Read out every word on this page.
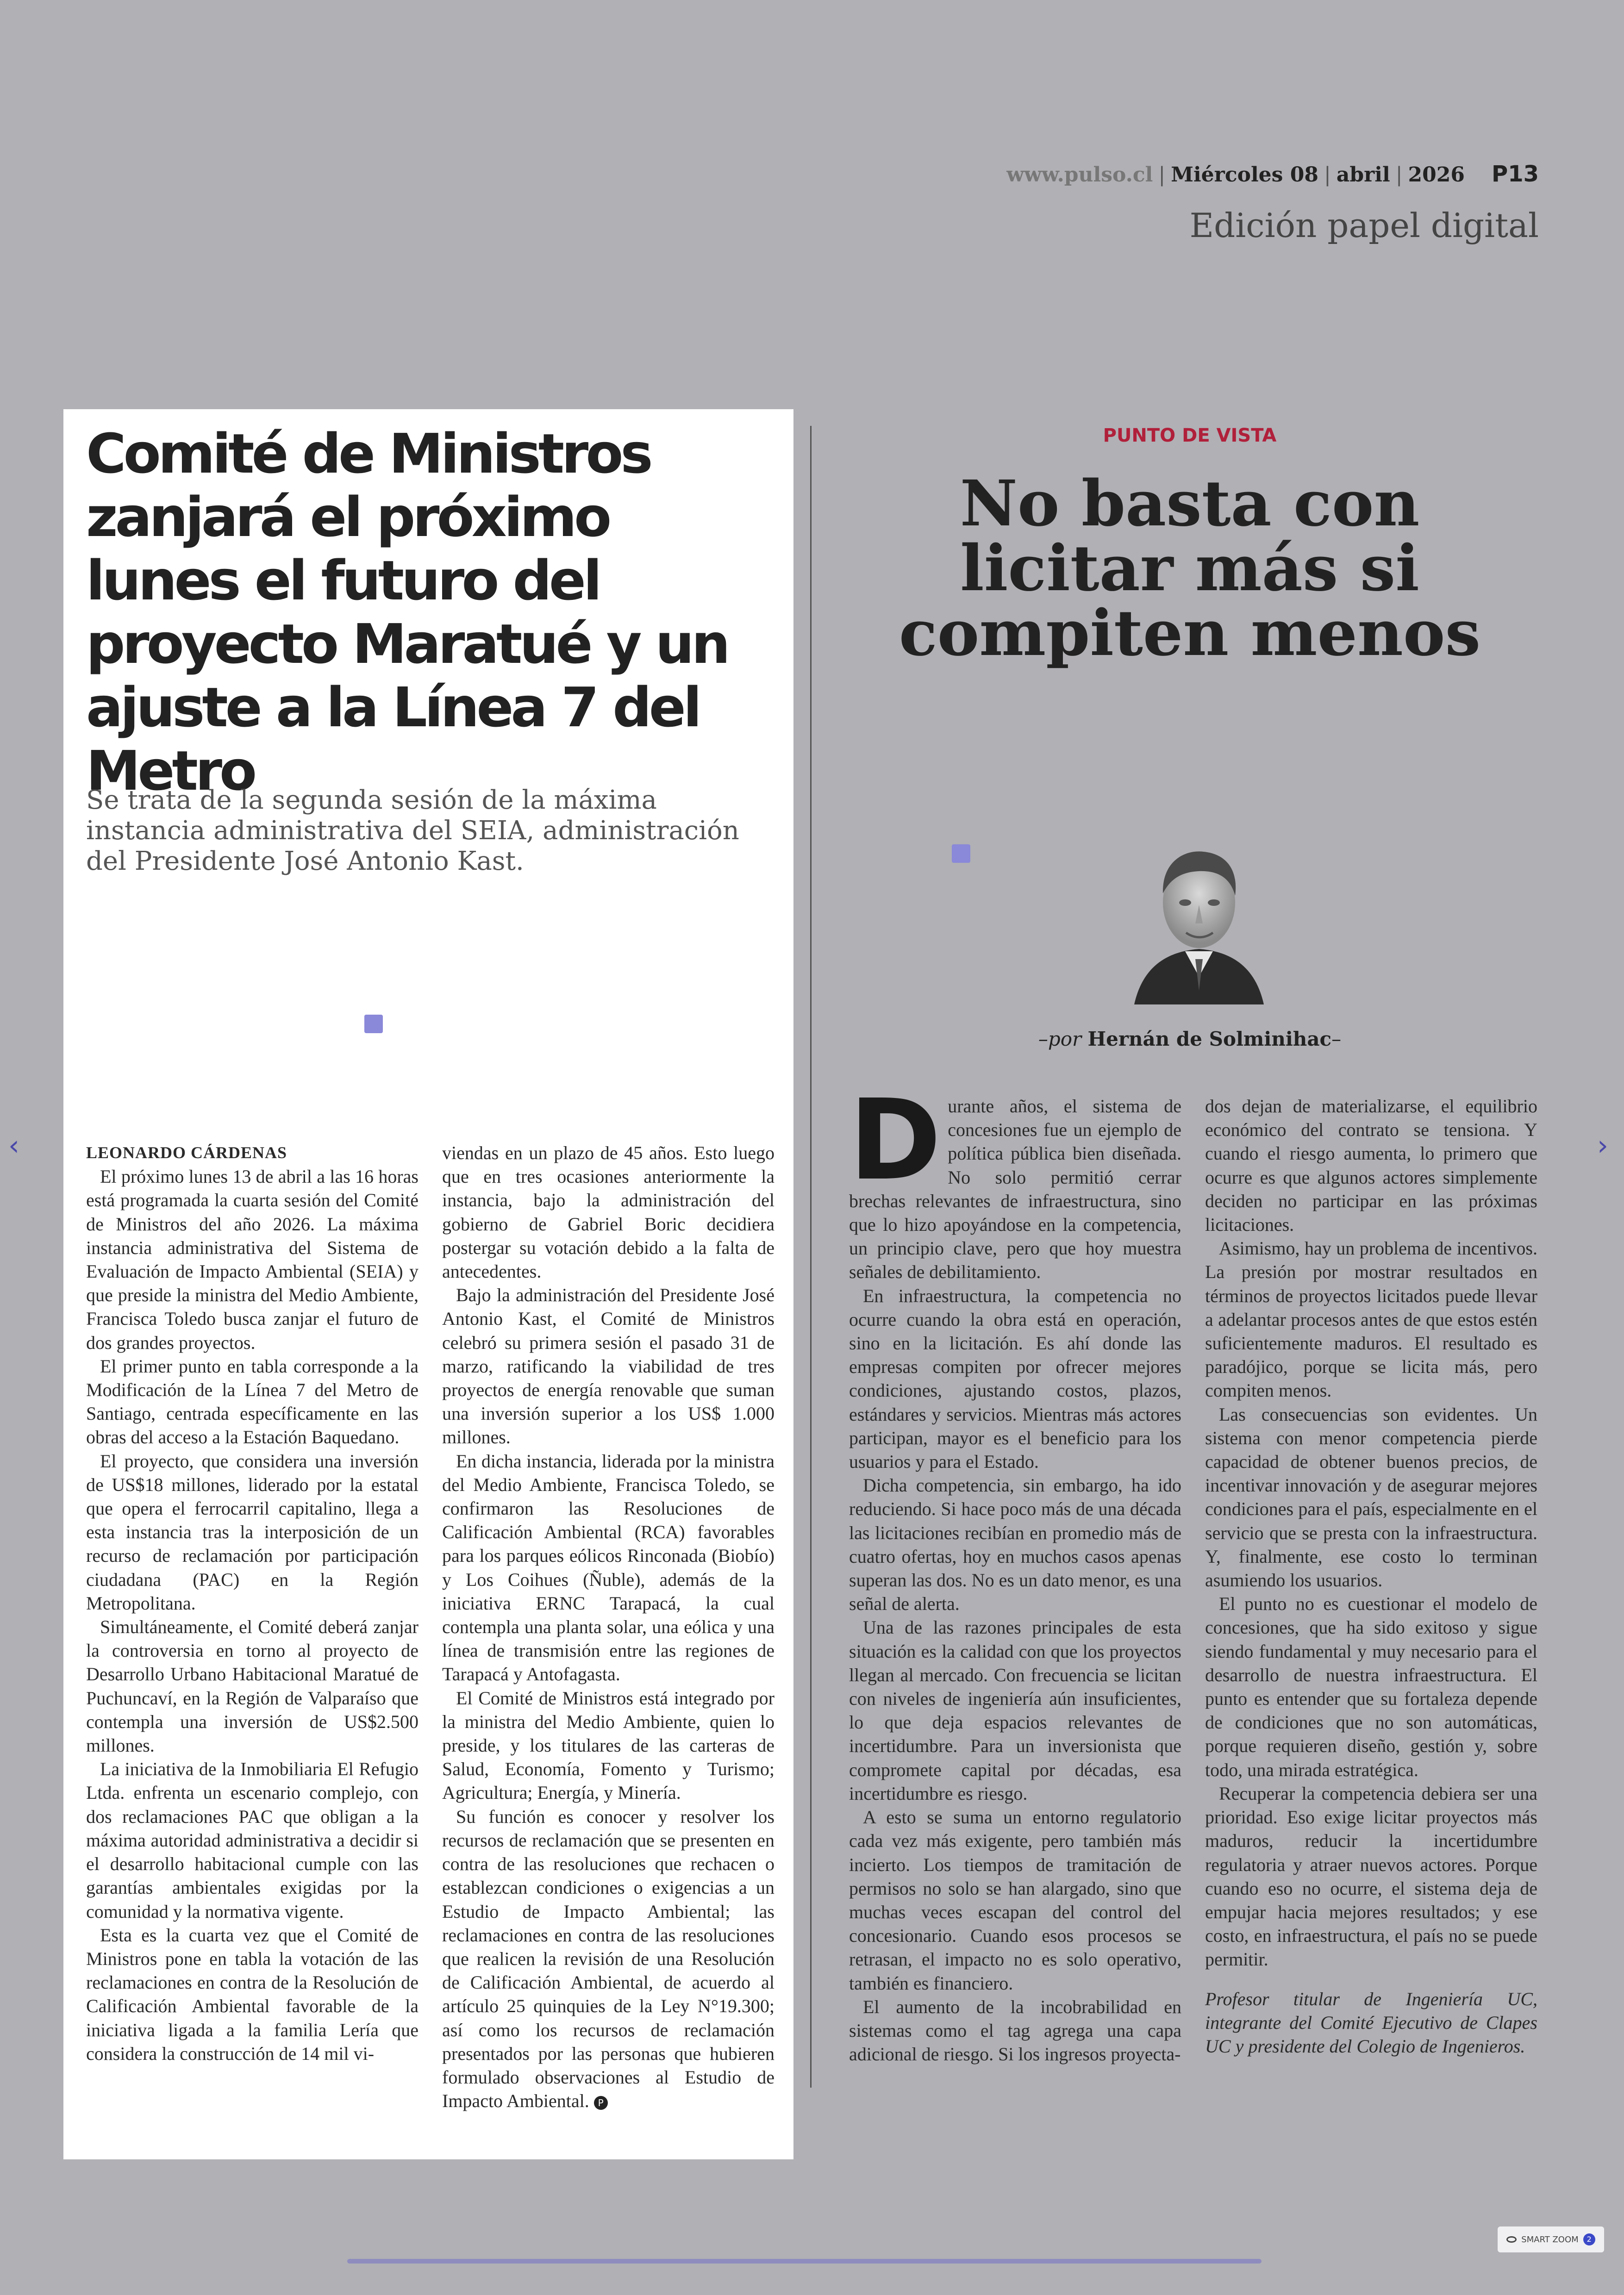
www.pulso.cl | Miércoles 08 | abril | 2026 P13
Edición papel digital
Comité de Ministros zanjará el próximo lunes el futuro del proyecto Maratué y un ajuste a la Línea 7 del Metro
Se trata de la segunda sesión de la máxima instancia administrativa del SEIA, administración del Presidente José Antonio Kast.

LEONARDO CÁRDENAS

El próximo lunes 13 de abril a las 16 horas está programada la cuarta sesión del Comité de Ministros del año 2026. La máxima instancia administrativa del Sistema de Evaluación de Impacto Ambiental (SEIA) y que preside la ministra del Medio Ambiente, Francisca Toledo busca zanjar el futuro de dos grandes proyectos.

El primer punto en tabla corresponde a la Modificación de la Línea 7 del Metro de Santiago, centrada específicamente en las obras del acceso a la Estación Baquedano.

El proyecto, que considera una inversión de US$18 millones, liderado por la estatal que opera el ferrocarril capitalino, llega a esta instancia tras la interposición de un recurso de reclamación por participación ciudadana (PAC) en la Región Metropolitana.

Simultáneamente, el Comité deberá zanjar la controversia en torno al proyecto de Desarrollo Urbano Habitacional Maratué de Puchuncaví, en la Región de Valparaíso que contempla una inversión de US$2.500 millones.

La iniciativa de la Inmobiliaria El Refugio Ltda. enfrenta un escenario complejo, con dos reclamaciones PAC que obligan a la máxima autoridad administrativa a decidir si el desarrollo habitacional cumple con las garantías ambientales exigidas por la comunidad y la normativa vigente.

Esta es la cuarta vez que el Comité de Ministros pone en tabla la votación de las reclamaciones en contra de la Resolución de Calificación Ambiental favorable de la iniciativa ligada a la familia Lería que considera la construcción de 14 mil vi-

viendas en un plazo de 45 años. Esto luego que en tres ocasiones anteriormente la instancia, bajo la administración del gobierno de Gabriel Boric decidiera postergar su votación debido a la falta de antecedentes.

Bajo la administración del Presidente José Antonio Kast, el Comité de Ministros celebró su primera sesión el pasado 31 de marzo, ratificando la viabilidad de tres proyectos de energía renovable que suman una inversión superior a los US$ 1.000 millones.

En dicha instancia, liderada por la ministra del Medio Ambiente, Francisca Toledo, se confirmaron las Resoluciones de Calificación Ambiental (RCA) favorables para los parques eólicos Rinconada (Biobío) y Los Coihues (Ñuble), además de la iniciativa ERNC Tarapacá, la cual contempla una planta solar, una eólica y una línea de transmisión entre las regiones de Tarapacá y Antofagasta.

El Comité de Ministros está integrado por la ministra del Medio Ambiente, quien lo preside, y los titulares de las carteras de Salud, Economía, Fomento y Turismo; Agricultura; Energía, y Minería.

Su función es conocer y resolver los recursos de reclamación que se presenten en contra de las resoluciones que rechacen o establezcan condiciones o exigencias a un Estudio de Impacto Ambiental; las reclamaciones en contra de las resoluciones que realicen la revisión de una Resolución de Calificación Ambiental, de acuerdo al artículo 25 quinquies de la Ley N°19.300; así como los recursos de reclamación presentados por las personas que hubieren formulado observaciones al Estudio de Impacto Ambiental. P

PUNTO DE VISTA
No basta con licitar más si compiten menos
–por Hernán de Solminihac–

Durante años, el sistema de concesiones fue un ejemplo de política pública bien diseñada. No solo permitió cerrar brechas relevantes de infraestructura, sino que lo hizo apoyándose en la competencia, un principio clave, pero que hoy muestra señales de debilitamiento.

En infraestructura, la competencia no ocurre cuando la obra está en operación, sino en la licitación. Es ahí donde las empresas compiten por ofrecer mejores condiciones, ajustando costos, plazos, estándares y servicios. Mientras más actores participan, mayor es el beneficio para los usuarios y para el Estado.

Dicha competencia, sin embargo, ha ido reduciendo. Si hace poco más de una década las licitaciones recibían en promedio más de cuatro ofertas, hoy en muchos casos apenas superan las dos. No es un dato menor, es una señal de alerta.

Una de las razones principales de esta situación es la calidad con que los proyectos llegan al mercado. Con frecuencia se licitan con niveles de ingeniería aún insuficientes, lo que deja espacios relevantes de incertidumbre. Para un inversionista que compromete capital por décadas, esa incertidumbre es riesgo.

A esto se suma un entorno regulatorio cada vez más exigente, pero también más incierto. Los tiempos de tramitación de permisos no solo se han alargado, sino que muchas veces escapan del control del concesionario. Cuando esos procesos se retrasan, el impacto no es solo operativo, también es financiero.

El aumento de la incobrabilidad en sistemas como el tag agrega una capa adicional de riesgo. Si los ingresos proyecta-

dos dejan de materializarse, el equilibrio económico del contrato se tensiona. Y cuando el riesgo aumenta, lo primero que ocurre es que algunos actores simplemente deciden no participar en las próximas licitaciones.

Asimismo, hay un problema de incentivos. La presión por mostrar resultados en términos de proyectos licitados puede llevar a adelantar procesos antes de que estos estén suficientemente maduros. El resultado es paradójico, porque se licita más, pero compiten menos.

Las consecuencias son evidentes. Un sistema con menor competencia pierde capacidad de obtener buenos precios, de incentivar innovación y de asegurar mejores condiciones para el país, especialmente en el servicio que se presta con la infraestructura. Y, finalmente, ese costo lo terminan asumiendo los usuarios.

El punto no es cuestionar el modelo de concesiones, que ha sido exitoso y sigue siendo fundamental y muy necesario para el desarrollo de nuestra infraestructura. El punto es entender que su fortaleza depende de condiciones que no son automáticas, porque requieren diseño, gestión y, sobre todo, una mirada estratégica.

Recuperar la competencia debiera ser una prioridad. Eso exige licitar proyectos más maduros, reducir la incertidumbre regulatoria y atraer nuevos actores. Porque cuando eso no ocurre, el sistema deja de empujar hacia mejores resultados; y ese costo, en infraestructura, el país no se puede permitir.

Profesor titular de Ingeniería UC, integrante del Comité Ejecutivo de Clapes UC y presidente del Colegio de Ingenieros.

‹	›
SMART ZOOM	2
